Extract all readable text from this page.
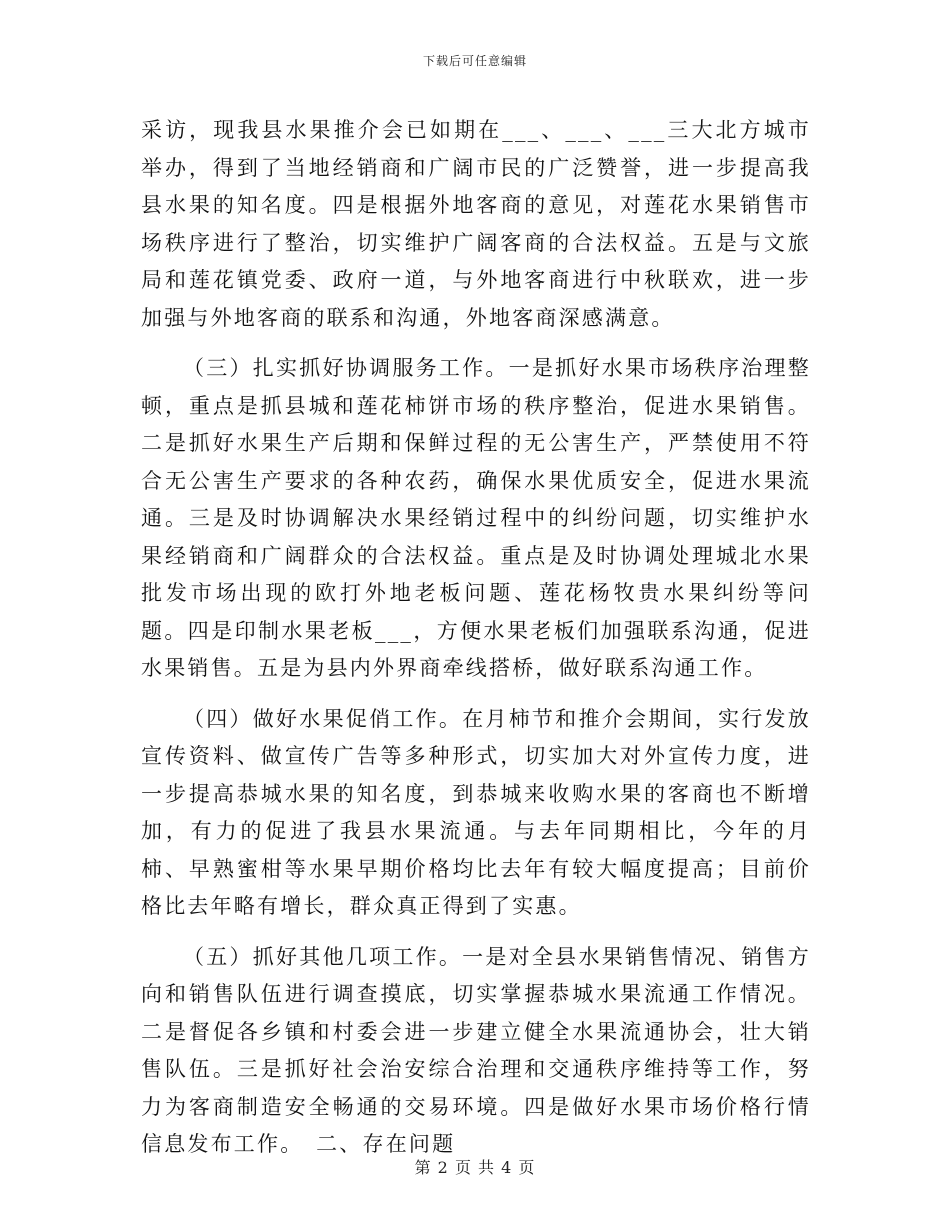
下载后可任意编辑

采访，现我县水果推介会已如期在___、___、___三大北方城市举办，得到了当地经销商和广阔市民的广泛赞誉，进一步提高我县水果的知名度。四是根据外地客商的意见，对莲花水果销售市场秩序进行了整治，切实维护广阔客商的合法权益。五是与文旅局和莲花镇党委、政府一道，与外地客商进行中秋联欢，进一步加强与外地客商的联系和沟通，外地客商深感满意。

（三）扎实抓好协调服务工作。一是抓好水果市场秩序治理整顿，重点是抓县城和莲花柿饼市场的秩序整治，促进水果销售。二是抓好水果生产后期和保鲜过程的无公害生产，严禁使用不符合无公害生产要求的各种农药，确保水果优质安全，促进水果流通。三是及时协调解决水果经销过程中的纠纷问题，切实维护水果经销商和广阔群众的合法权益。重点是及时协调处理城北水果批发市场出现的欧打外地老板问题、莲花杨牧贵水果纠纷等问题。四是印制水果老板___，方便水果老板们加强联系沟通，促进水果销售。五是为县内外界商牵线搭桥，做好联系沟通工作。

（四）做好水果促俏工作。在月柿节和推介会期间，实行发放宣传资料、做宣传广告等多种形式，切实加大对外宣传力度，进一步提高恭城水果的知名度，到恭城来收购水果的客商也不断增加，有力的促进了我县水果流通。与去年同期相比，今年的月柿、早熟蜜柑等水果早期价格均比去年有较大幅度提高；目前价格比去年略有增长，群众真正得到了实惠。

（五）抓好其他几项工作。一是对全县水果销售情况、销售方向和销售队伍进行调查摸底，切实掌握恭城水果流通工作情况。二是督促各乡镇和村委会进一步建立健全水果流通协会，壮大销售队伍。三是抓好社会治安综合治理和交通秩序维持等工作，努力为客商制造安全畅通的交易环境。四是做好水果市场价格行情信息发布工作。　二、存在问题

第 2 页 共 4 页
